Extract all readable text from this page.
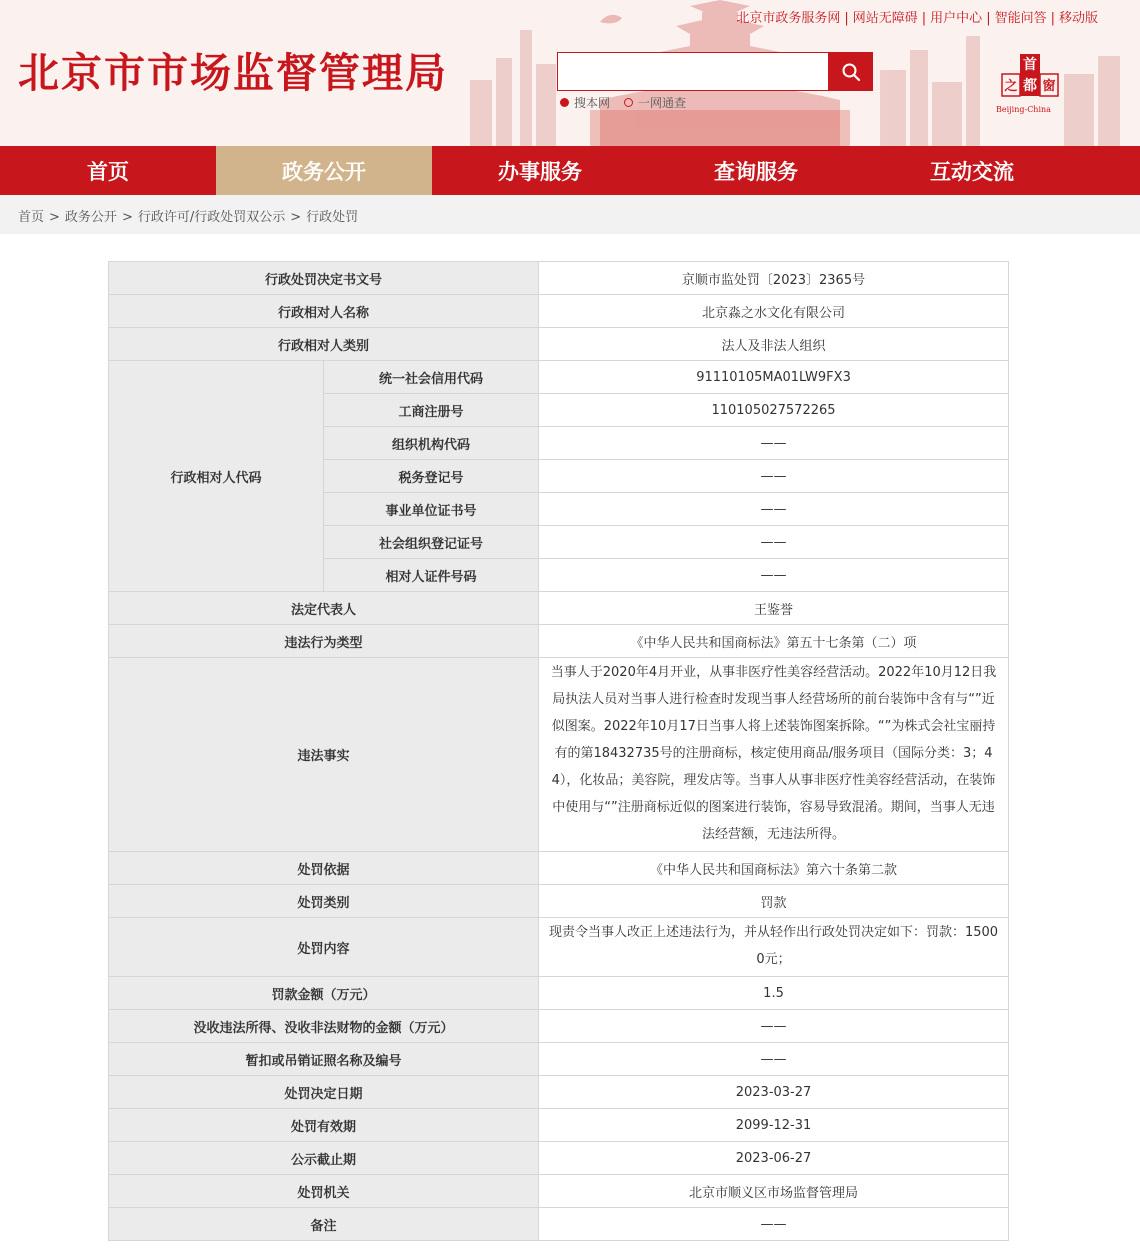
北京市市场监督管理局
北京市政务服务网 | 网站无障碍 | 用户中心 | 智能问答 | 移动版
搜本网 一网通查
首
都
之 窗
Beijing-China
首页	政务公开	办事服务	查询服务	互动交流
首页 > 政务公开 > 行政许可/行政处罚双公示 > 行政处罚
行政处罚决定书文号		京顺市监处罚〔2023〕2365号
行政相对人名称		北京淼之水文化有限公司
行政相对人类别		法人及非法人组织
行政相对人代码	统一社会信用代码	91110105MA01LW9FX3
	工商注册号	110105027572265
	组织机构代码	——
	税务登记号	——
	事业单位证书号	——
	社会组织登记证号	——
	相对人证件号码	——
法定代表人		王鉴誉
违法行为类型		《中华人民共和国商标法》第五十七条第（二）项
违法事实		当事人于2020年4月开业，从事非医疗性美容经营活动。2022年10月12日我局执法人员对当事人进行检查时发现当事人经营场所的前台装饰中含有与“”近似图案。2022年10月17日当事人将上述装饰图案拆除。“”为株式会社宝丽持有的第18432735号的注册商标，核定使用商品/服务项目（国际分类：3；44），化妆品；美容院，理发店等。当事人从事非医疗性美容经营活动，在装饰中使用与“”注册商标近似的图案进行装饰，容易导致混淆。期间，当事人无违法经营额，无违法所得。
处罚依据		《中华人民共和国商标法》第六十条第二款
处罚类别		罚款
处罚内容		现责令当事人改正上述违法行为，并从轻作出行政处罚决定如下：罚款：15000元；
罚款金额（万元）		1.5
没收违法所得、没收非法财物的金额（万元）		——
暂扣或吊销证照名称及编号		——
处罚决定日期		2023-03-27
处罚有效期		2099-12-31
公示截止期		2023-06-27
处罚机关		北京市顺义区市场监督管理局
备注		——
